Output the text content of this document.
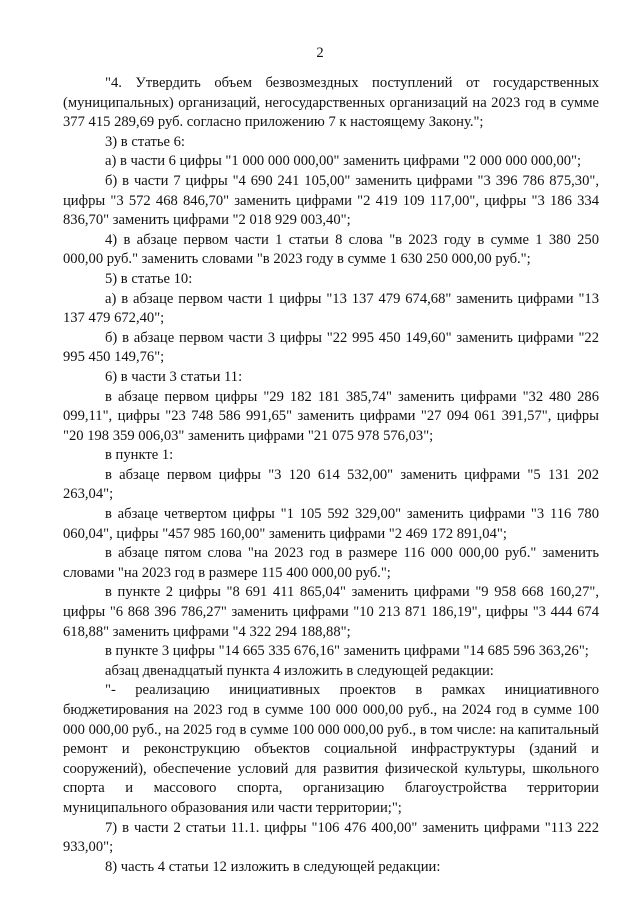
2

"4. Утвердить объем безвозмездных поступлений от государственных (муниципальных) организаций, негосударственных организаций на 2023 год в сумме 377 415 289,69 руб. согласно приложению 7 к настоящему Закону.";

3) в статье 6:

а) в части 6 цифры "1 000 000 000,00" заменить цифрами "2 000 000 000,00";

б) в части 7 цифры "4 690 241 105,00" заменить цифрами "3 396 786 875,30", цифры "3 572 468 846,70" заменить цифрами "2 419 109 117,00", цифры "3 186 334 836,70" заменить цифрами "2 018 929 003,40";

4) в абзаце первом части 1 статьи 8 слова "в 2023 году в сумме 1 380 250 000,00 руб." заменить словами "в 2023 году в сумме 1 630 250 000,00 руб.";

5) в статье 10:

а) в абзаце первом части 1 цифры "13 137 479 674,68" заменить цифрами "13 137 479 672,40";

б) в абзаце первом части 3 цифры "22 995 450 149,60" заменить цифрами "22 995 450 149,76";

6) в части 3 статьи 11:

в абзаце первом цифры "29 182 181 385,74" заменить цифрами "32 480 286 099,11", цифры "23 748 586 991,65" заменить цифрами "27 094 061 391,57", цифры "20 198 359 006,03" заменить цифрами "21 075 978 576,03";

в пункте 1:

в абзаце первом цифры "3 120 614 532,00" заменить цифрами "5 131 202 263,04";

в абзаце четвертом цифры "1 105 592 329,00" заменить цифрами "3 116 780 060,04", цифры "457 985 160,00" заменить цифрами "2 469 172 891,04";

в абзаце пятом слова "на 2023 год в размере 116 000 000,00 руб." заменить словами "на 2023 год в размере 115 400 000,00 руб.";

в пункте 2 цифры "8 691 411 865,04" заменить цифрами "9 958 668 160,27", цифры "6 868 396 786,27" заменить цифрами "10 213 871 186,19", цифры "3 444 674 618,88" заменить цифрами "4 322 294 188,88";

в пункте 3 цифры "14 665 335 676,16" заменить цифрами "14 685 596 363,26";

абзац двенадцатый пункта 4 изложить в следующей редакции:

"- реализацию инициативных проектов в рамках инициативного бюджетирования на 2023 год в сумме 100 000 000,00 руб., на 2024 год в сумме 100 000 000,00 руб., на 2025 год в сумме 100 000 000,00 руб., в том числе: на капитальный ремонт и реконструкцию объектов социальной инфраструктуры (зданий и сооружений), обеспечение условий для развития физической культуры, школьного спорта и массового спорта, организацию благоустройства территории муниципального образования или части территории;";

7) в части 2 статьи 11.1. цифры "106 476 400,00" заменить цифрами "113 222 933,00";

8) часть 4 статьи 12 изложить в следующей редакции:
